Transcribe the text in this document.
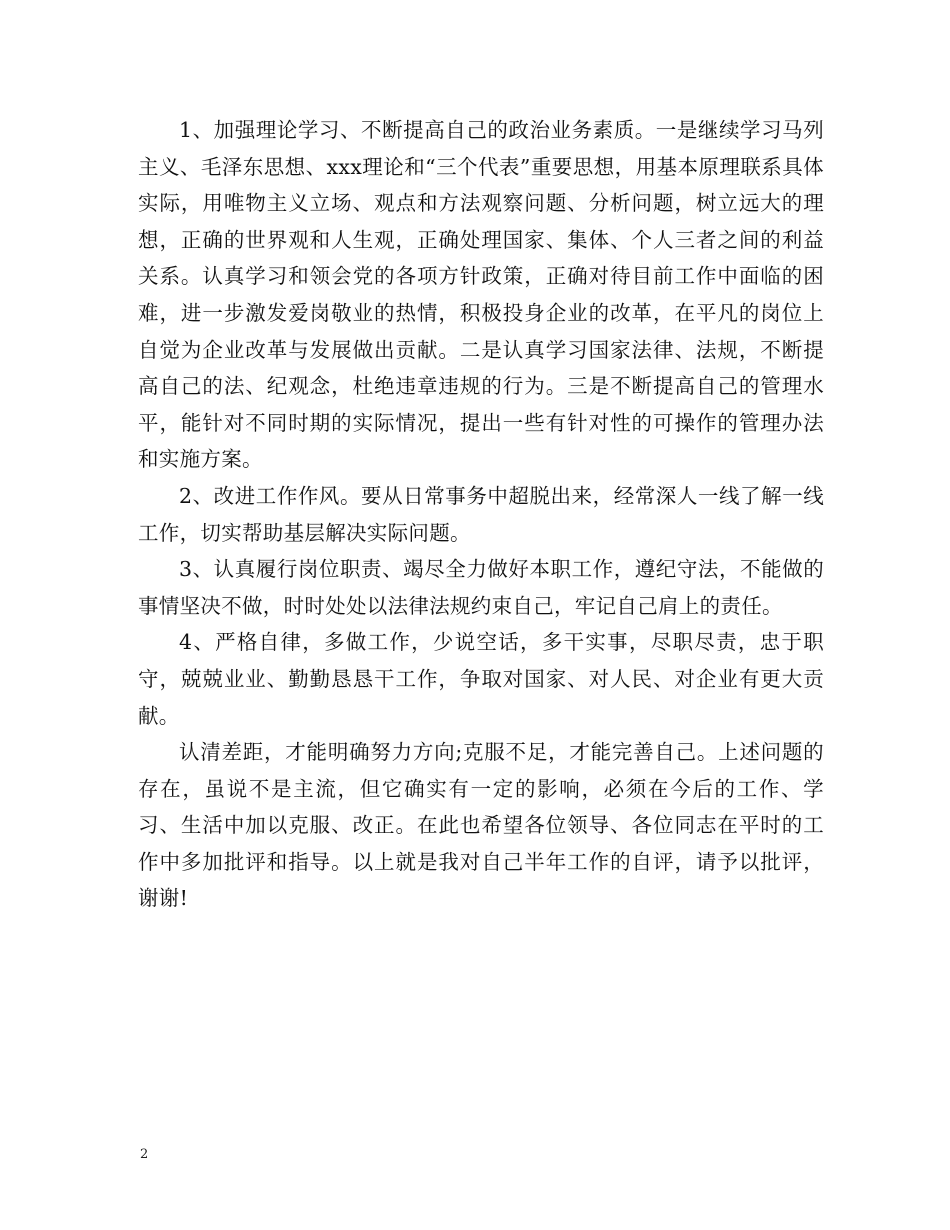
1、加强理论学习、不断提高自己的政治业务素质。一是继续学习马列主义、毛泽东思想、xxx理论和“三个代表”重要思想，用基本原理联系具体实际，用唯物主义立场、观点和方法观察问题、分析问题，树立远大的理想，正确的世界观和人生观，正确处理国家、集体、个人三者之间的利益关系。认真学习和领会党的各项方针政策，正确对待目前工作中面临的困难，进一步激发爱岗敬业的热情，积极投身企业的改革，在平凡的岗位上自觉为企业改革与发展做出贡献。二是认真学习国家法律、法规，不断提高自己的法、纪观念，杜绝违章违规的行为。三是不断提高自己的管理水平，能针对不同时期的实际情况，提出一些有针对性的可操作的管理办法和实施方案。

2、改进工作作风。要从日常事务中超脱出来，经常深人一线了解一线工作，切实帮助基层解决实际问题。

3、认真履行岗位职责、竭尽全力做好本职工作，遵纪守法，不能做的事情坚决不做，时时处处以法律法规约束自己，牢记自己肩上的责任。

4、严格自律，多做工作，少说空话，多干实事，尽职尽责，忠于职守，兢兢业业、勤勤恳恳干工作，争取对国家、对人民、对企业有更大贡献。

认清差距，才能明确努力方向;克服不足，才能完善自己。上述问题的存在，虽说不是主流，但它确实有一定的影响，必须在今后的工作、学习、生活中加以克服、改正。在此也希望各位领导、各位同志在平时的工作中多加批评和指导。以上就是我对自己半年工作的自评，请予以批评，谢谢!

2
